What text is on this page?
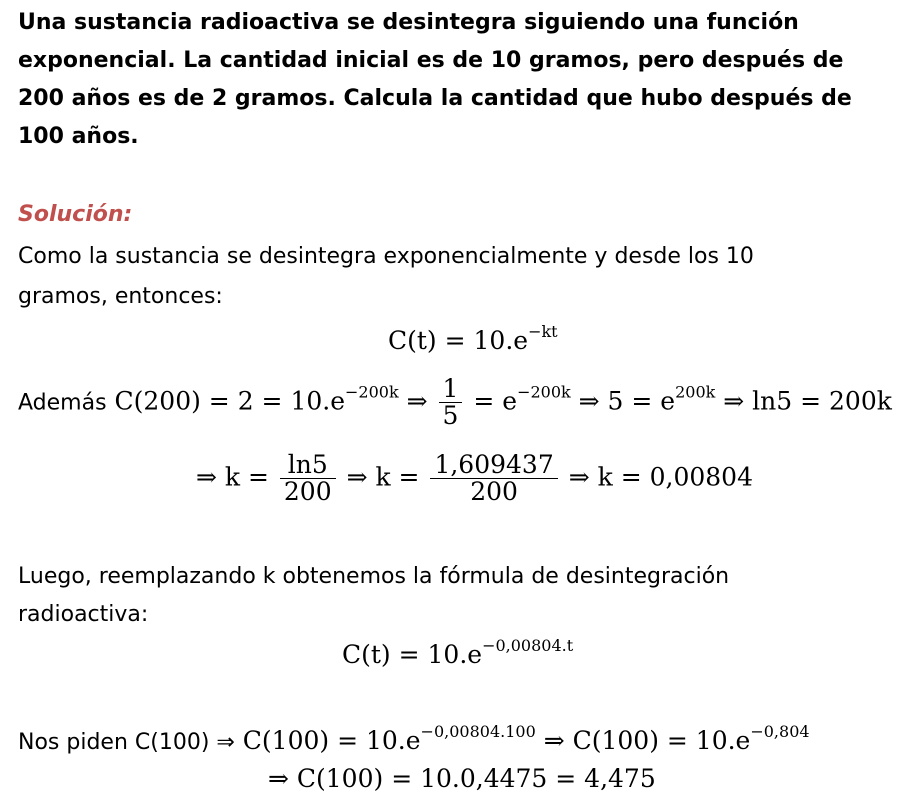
Una sustancia radioactiva se desintegra siguiendo una función
exponencial. La cantidad inicial es de 10 gramos, pero después de
200 años es de 2 gramos. Calcula la cantidad que hubo después de
100 años.
Solución:
Como la sustancia se desintegra exponencialmente y desde los 10
gramos, entonces:
$C(t) = 10.e^{-kt}$
Además $C(200) = 2 = 10.e^{-200k}$ ⇒ $\frac{1}{5} = e^{-200k}$ ⇒ $5 = e^{200k}$ ⇒ ln5 = 200k
⇒ $k = \frac{\ln 5}{200}$ ⇒ $k = \frac{1,609437}{200}$ ⇒ k = 0,00804
Luego, reemplazando k obtenemos la fórmula de desintegración
radioactiva:
$C(t) = 10.e^{-0,00804.t}$
Nos piden C(100) ⇒ $C(100) = 10.e^{-0,00804.100}$ ⇒ $C(100) = 10.e^{-0,804}$
⇒ C(100) = 10.0,4475 = 4,475
